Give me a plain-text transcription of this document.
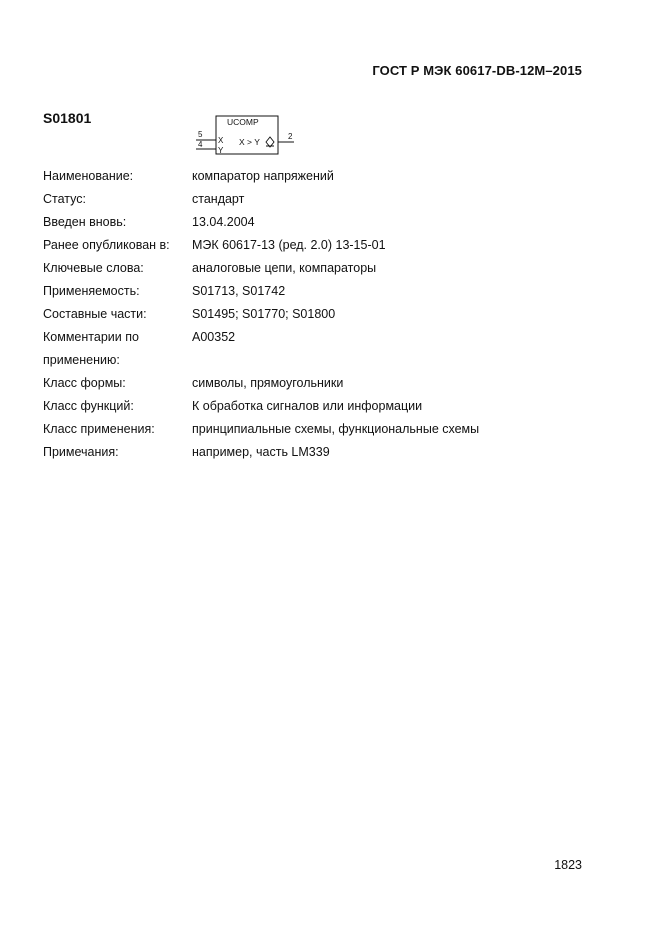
ГОСТ Р МЭК 60617-DB-12M–2015
S01801	UCOMP
5
4 X
Y
X > Y
2
Наименование:	компаратор напряжений
Статус:	стандарт
Введен вновь:	13.04.2004
Ранее опубликован в:	МЭК 60617-13 (ред. 2.0) 13-15-01
Ключевые слова:	аналоговые цепи, компараторы
Применяемость:	S01713, S01742
Составные части:	S01495; S01770; S01800
Комментарии по	A00352
применению:
Класс формы:	символы, прямоугольники
Класс функций:	К обработка сигналов или информации
Класс применения:	принципиальные схемы, функциональные схемы
Примечания:	например, часть LM339
1823
